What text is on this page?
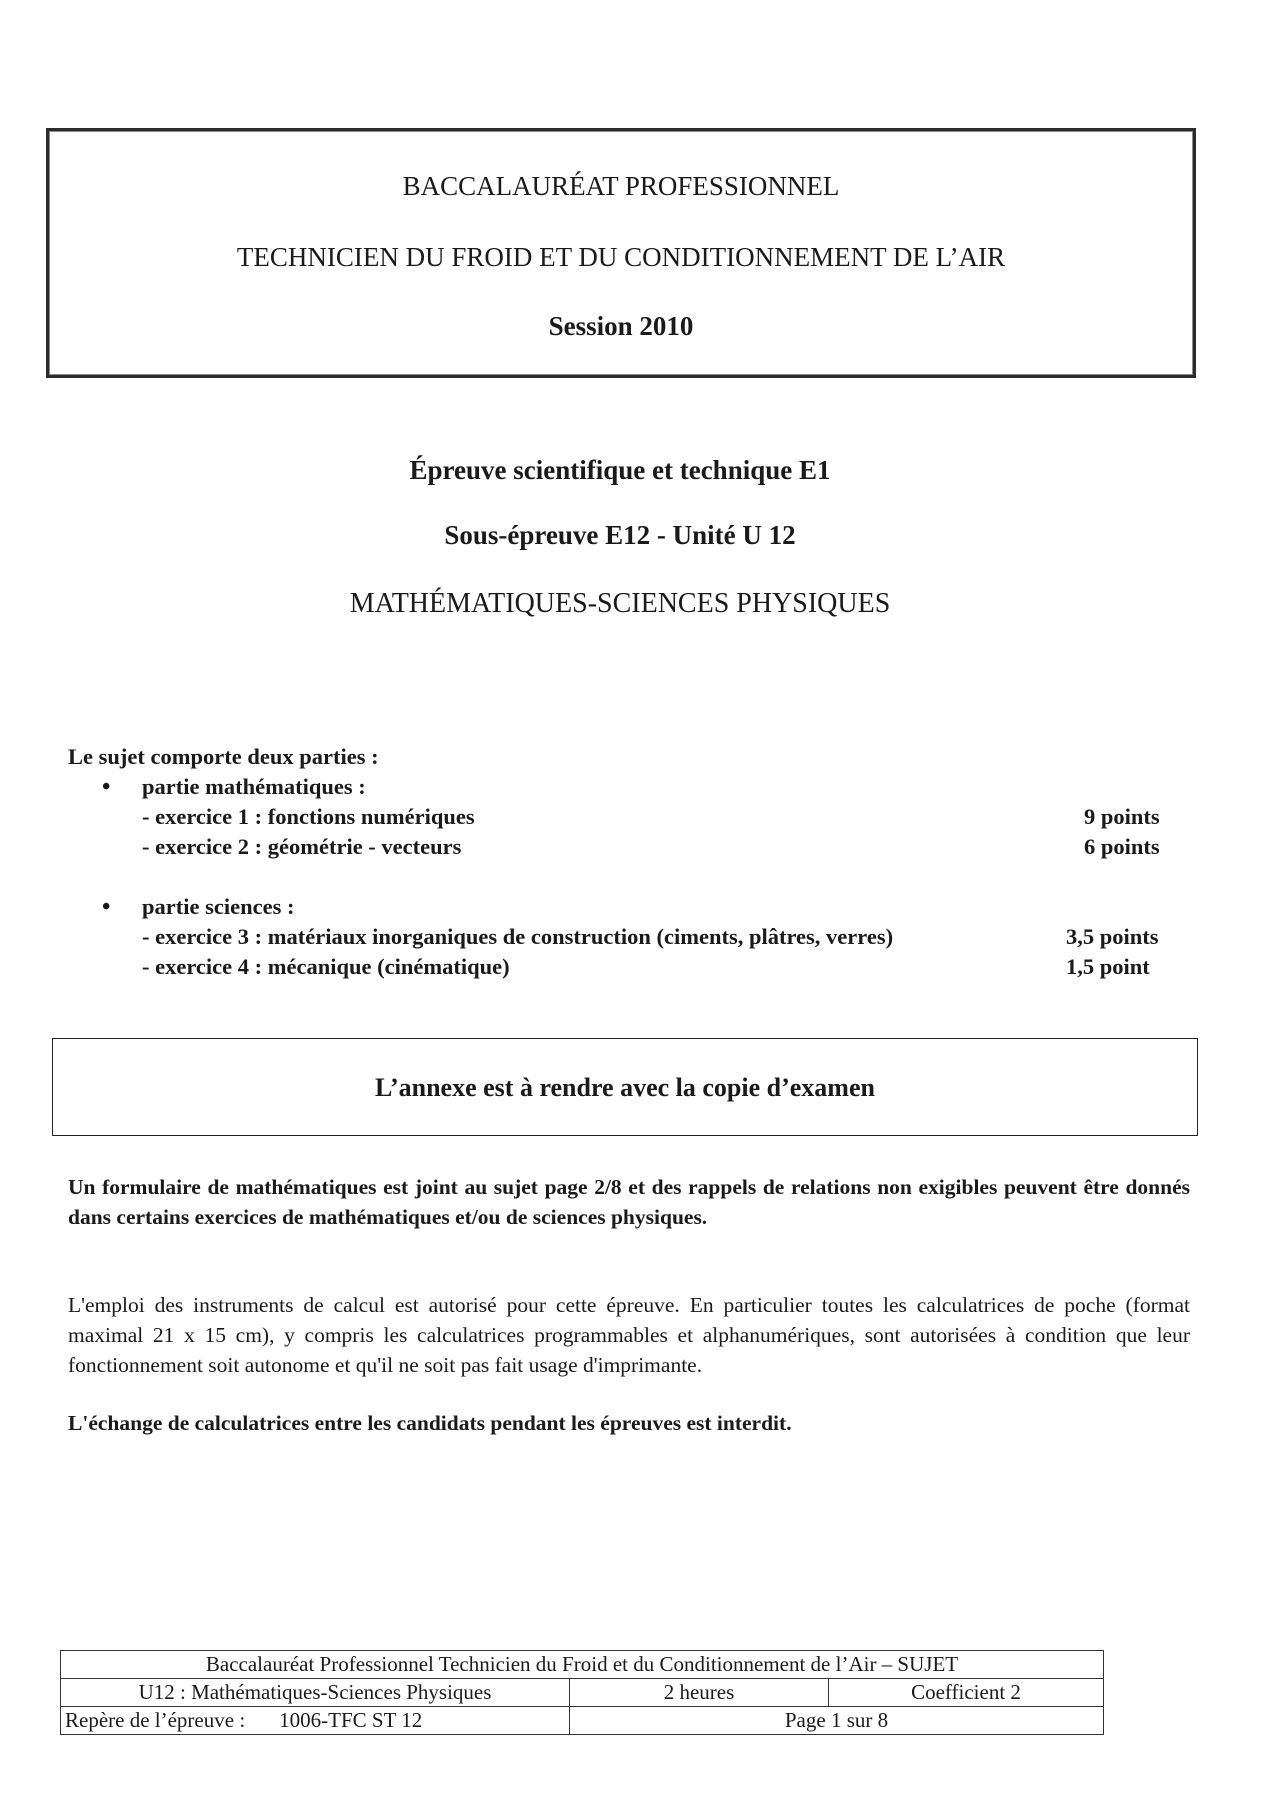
BACCALAURÉAT PROFESSIONNEL
TECHNICIEN DU FROID ET DU CONDITIONNEMENT DE L’AIR
Session 2010
Épreuve scientifique et technique E1
Sous-épreuve E12 - Unité U 12
MATHÉMATIQUES-SCIENCES PHYSIQUES
Le sujet comporte deux parties :
• partie mathématiques :
- exercice 1 : fonctions numériques	9 points
- exercice 2 : géométrie - vecteurs	6 points
• partie sciences :
- exercice 3 : matériaux inorganiques de construction (ciments, plâtres, verres)	3,5 points
- exercice 4 : mécanique (cinématique)	1,5 point
L’annexe est à rendre avec la copie d’examen
Un formulaire de mathématiques est joint au sujet page 2/8 et des rappels de relations non exigibles peuvent être donnés dans certains exercices de mathématiques et/ou de sciences physiques.
L'emploi des instruments de calcul est autorisé pour cette épreuve. En particulier toutes les calculatrices de poche (format maximal 21 x 15 cm), y compris les calculatrices programmables et alphanumériques, sont autorisées à condition que leur fonctionnement soit autonome et qu'il ne soit pas fait usage d'imprimante.
L'échange de calculatrices entre les candidats pendant les épreuves est interdit.
Baccalauréat Professionnel Technicien du Froid et du Conditionnement de l’Air – SUJET		
U12 : Mathématiques-Sciences Physiques	2 heures	Coefficient 2
Repère de l’épreuve : 1006-TFC ST 12	Page 1 sur 8	
